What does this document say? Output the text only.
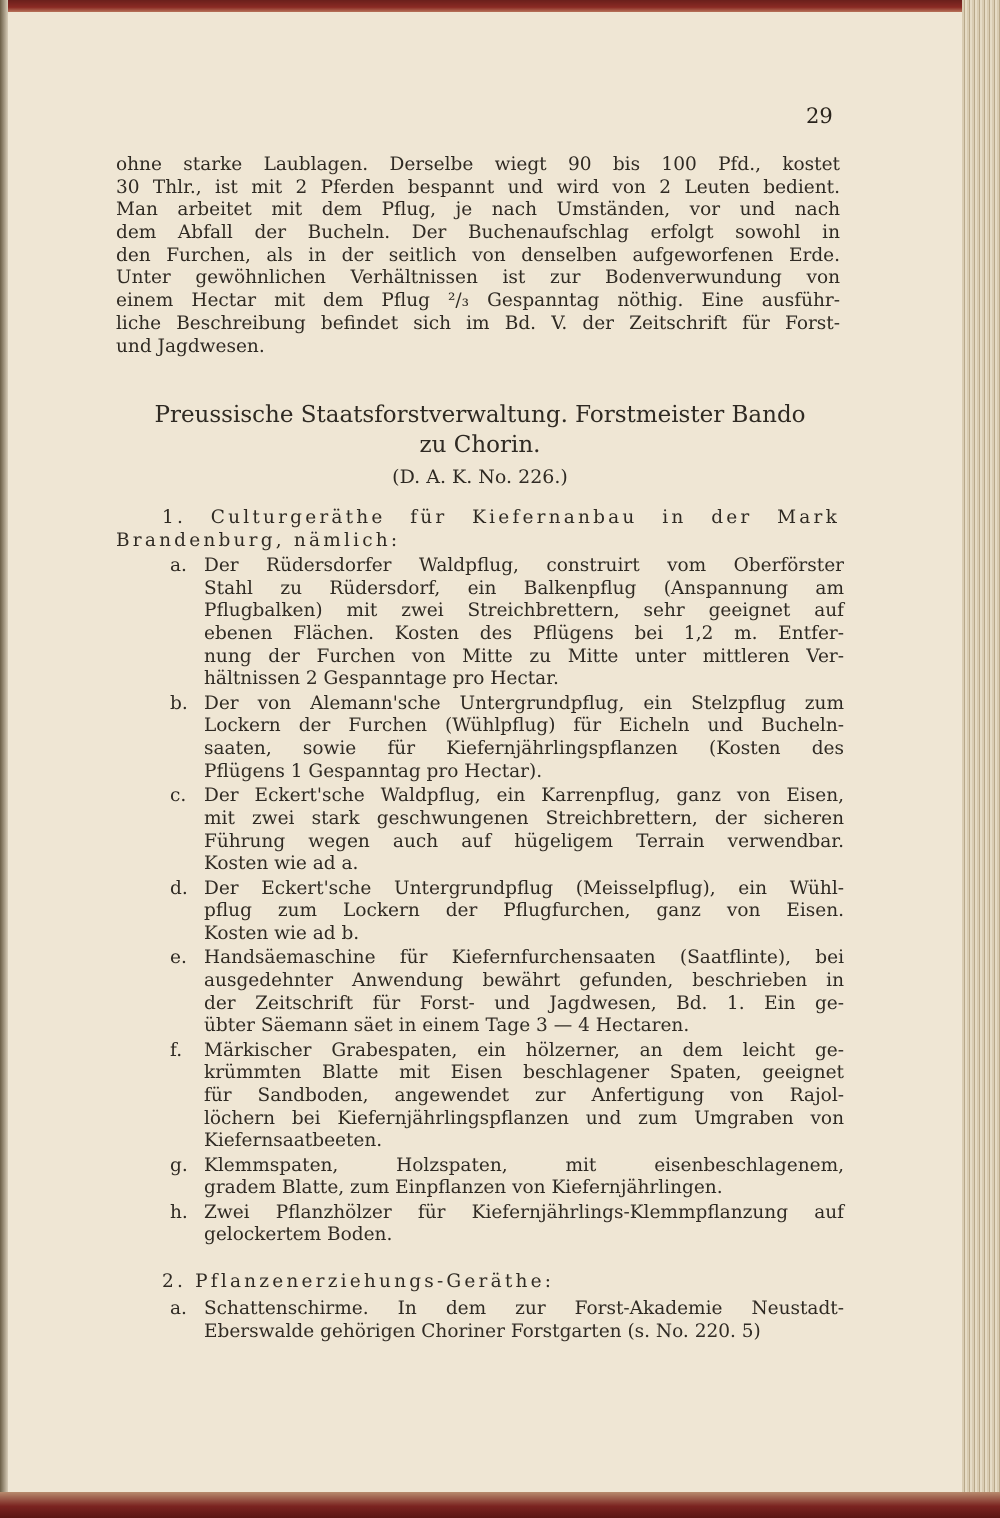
29
ohne starke Laublagen. Derselbe wiegt 90 bis 100 Pfd., kostet
30 Thlr., ist mit 2 Pferden bespannt und wird von 2 Leuten bedient.
Man arbeitet mit dem Pflug, je nach Umständen, vor und nach
dem Abfall der Bucheln. Der Buchenaufschlag erfolgt sowohl in
den Furchen, als in der seitlich von denselben aufgeworfenen Erde.
Unter gewöhnlichen Verhältnissen ist zur Bodenverwundung von
einem Hectar mit dem Pflug ²/₃ Gespanntag nöthig. Eine ausführ-
liche Beschreibung befindet sich im Bd. V. der Zeitschrift für Forst-
und Jagdwesen.
Preussische Staatsforstverwaltung. Forstmeister Bando
zu Chorin.
(D. A. K. No. 226.)
1. Culturgeräthe für Kiefernanbau in der Mark
Brandenburg, nämlich:
a. Der Rüdersdorfer Waldpflug, construirt vom Oberförster
Stahl zu Rüdersdorf, ein Balkenpflug (Anspannung am
Pflugbalken) mit zwei Streichbrettern, sehr geeignet auf
ebenen Flächen. Kosten des Pflügens bei 1,2 m. Entfer-
nung der Furchen von Mitte zu Mitte unter mittleren Ver-
hältnissen 2 Gespanntage pro Hectar.
b. Der von Alemann'sche Untergrundpflug, ein Stelzpflug zum
Lockern der Furchen (Wühlpflug) für Eicheln und Bucheln-
saaten, sowie für Kiefernjährlingspflanzen (Kosten des
Pflügens 1 Gespanntag pro Hectar).
c. Der Eckert'sche Waldpflug, ein Karrenpflug, ganz von Eisen,
mit zwei stark geschwungenen Streichbrettern, der sicheren
Führung wegen auch auf hügeligem Terrain verwendbar.
Kosten wie ad a.
d. Der Eckert'sche Untergrundpflug (Meisselpflug), ein Wühl-
pflug zum Lockern der Pflugfurchen, ganz von Eisen.
Kosten wie ad b.
e. Handsäemaschine für Kiefernfurchensaaten (Saatflinte), bei
ausgedehnter Anwendung bewährt gefunden, beschrieben in
der Zeitschrift für Forst- und Jagdwesen, Bd. 1. Ein ge-
übter Säemann säet in einem Tage 3 — 4 Hectaren.
f.	Märkischer Grabespaten, ein hölzerner, an dem leicht ge-
krümmten Blatte mit Eisen beschlagener Spaten, geeignet
für Sandboden, angewendet zur Anfertigung von Rajol-
löchern bei Kiefernjährlingspflanzen und zum Umgraben von
Kiefernsaatbeeten.
g. Klemmspaten, Holzspaten, mit eisenbeschlagenem,
gradem Blatte, zum Einpflanzen von Kiefernjährlingen.
h. Zwei Pflanzhölzer für Kiefernjährlings-Klemmpflanzung auf
gelockertem Boden.
2. Pflanzenerziehungs-Geräthe:
a. Schattenschirme. In dem zur Forst-Akademie Neustadt-
Eberswalde gehörigen Choriner Forstgarten (s. No. 220. 5)
